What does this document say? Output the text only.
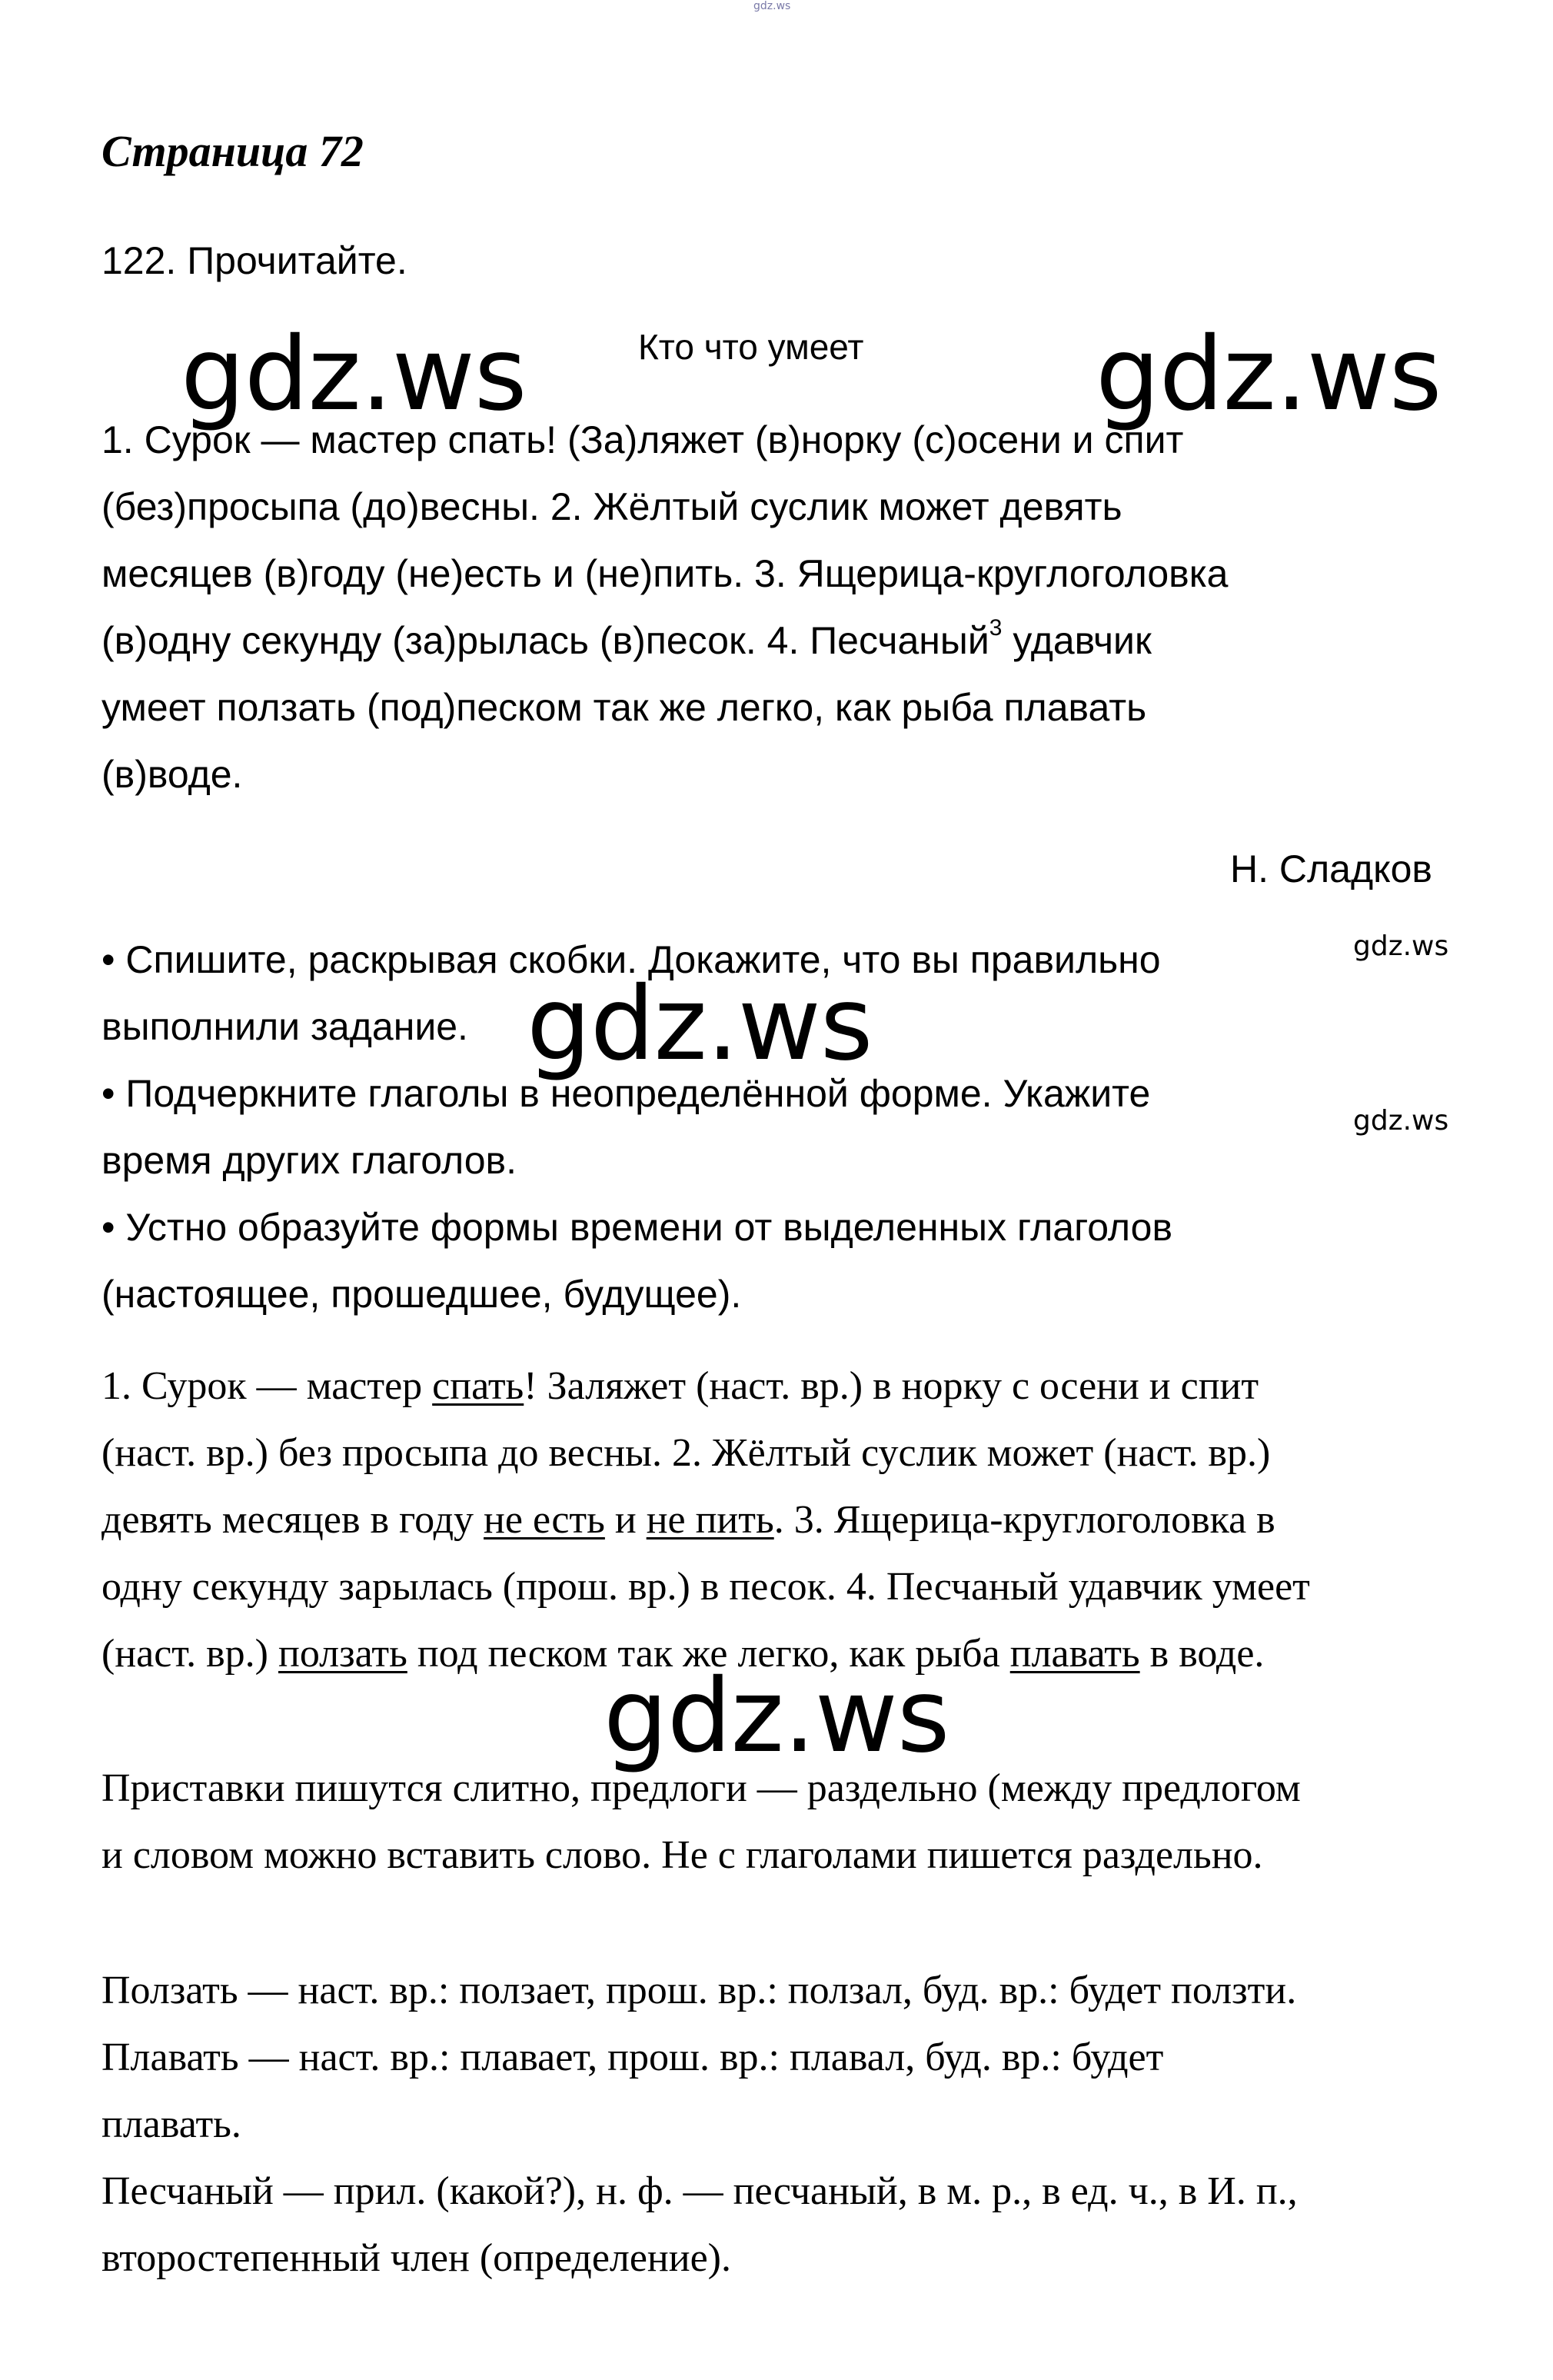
gdz.ws
Страница 72

122. Прочитайте.

Кто что умеет

1. Сурок — мастер спать! (За)ляжет (в)норку (с)осени и спит

(без)просыпа (до)весны. 2. Жёлтый суслик может девять

месяцев (в)году (не)есть и (не)пить. 3. Ящерица-круглоголовка

(в)одну секунду (за)рылась (в)песок. 4. Песчаный$^3$ удавчик

умеет ползать (под)песком так же легко, как рыба плавать

(в)воде.

Н. Сладков

• Спишите, раскрывая скобки. Докажите, что вы правильно

выполнили задание.

• Подчеркните глаголы в неопределённой форме. Укажите

время других глаголов.

• Устно образуйте формы времени от выделенных глаголов

(настоящее, прошедшее, будущее).

1. Сурок — мастер спать! Заляжет (наст. вр.) в норку с осени и спит

(наст. вр.) без просыпа до весны. 2. Жёлтый суслик может (наст. вр.)

девять месяцев в году не есть и не пить. 3. Ящерица-круглоголовка в

одну секунду зарылась (прош. вр.) в песок. 4. Песчаный удавчик умеет

(наст. вр.) ползать под песком так же легко, как рыба плавать в воде.

Приставки пишутся слитно, предлоги — раздельно (между предлогом

и словом можно вставить слово. Не с глаголами пишется раздельно.

Ползать — наст. вр.: ползает, прош. вр.: ползал, буд. вр.: будет ползти.

Плавать — наст. вр.: плавает, прош. вр.: плавал, буд. вр.: будет

плавать.

Песчаный — прил. (какой?), н. ф. — песчаный, в м. р., в ед. ч., в И. п.,

второстепенный член (определение).

gdz.ws	gdz.ws
gdz.ws
gdz.ws
gdz.ws
gdz.ws
